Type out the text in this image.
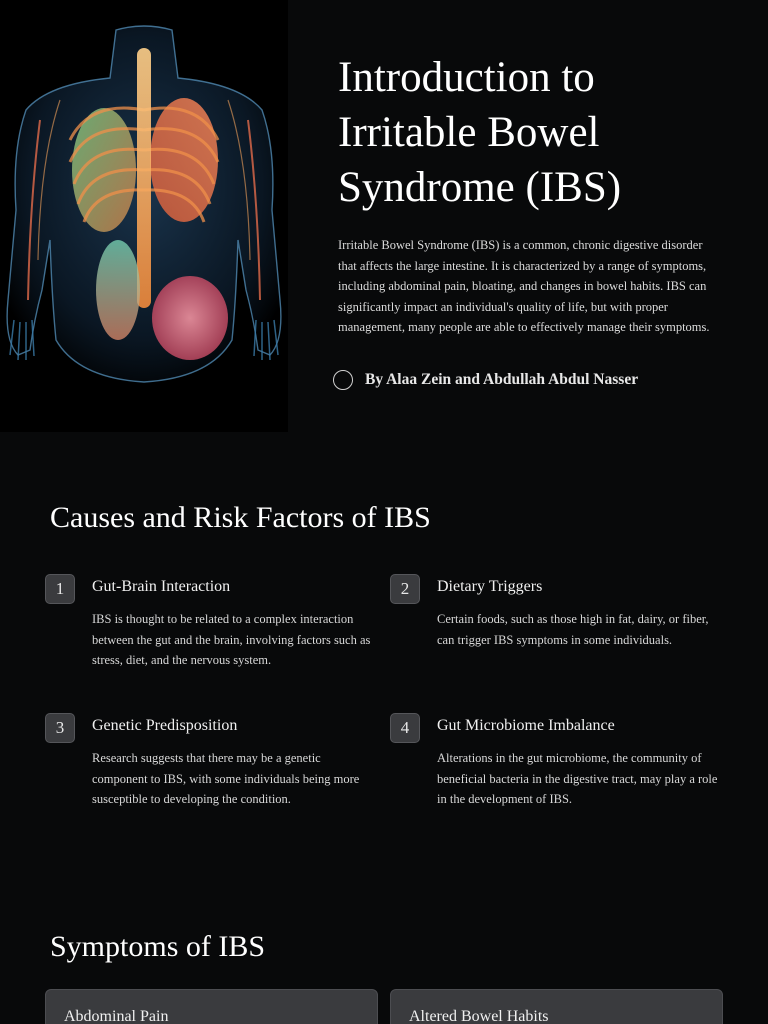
Introduction to Irritable Bowel Syndrome (IBS)

Irritable Bowel Syndrome (IBS) is a common, chronic digestive disorder that affects the large intestine. It is characterized by a range of symptoms, including abdominal pain, bloating, and changes in bowel habits. IBS can significantly impact an individual's quality of life, but with proper management, many people are able to effectively manage their symptoms.

By Alaa Zein and Abdullah Abdul Nasser
Causes and Risk Factors of IBS
1	Gut-Brain Interaction

IBS is thought to be related to a complex interaction between the gut and the brain, involving factors such as stress, diet, and the nervous system.

2	Dietary Triggers

Certain foods, such as those high in fat, dairy, or fiber, can trigger IBS symptoms in some individuals.

3	Genetic Predisposition

Research suggests that there may be a genetic component to IBS, with some individuals being more susceptible to developing the condition.

4	Gut Microbiome Imbalance

Alterations in the gut microbiome, the community of beneficial bacteria in the digestive tract, may play a role in the development of IBS.

Symptoms of IBS
Abdominal Pain	Altered Bowel Habits
